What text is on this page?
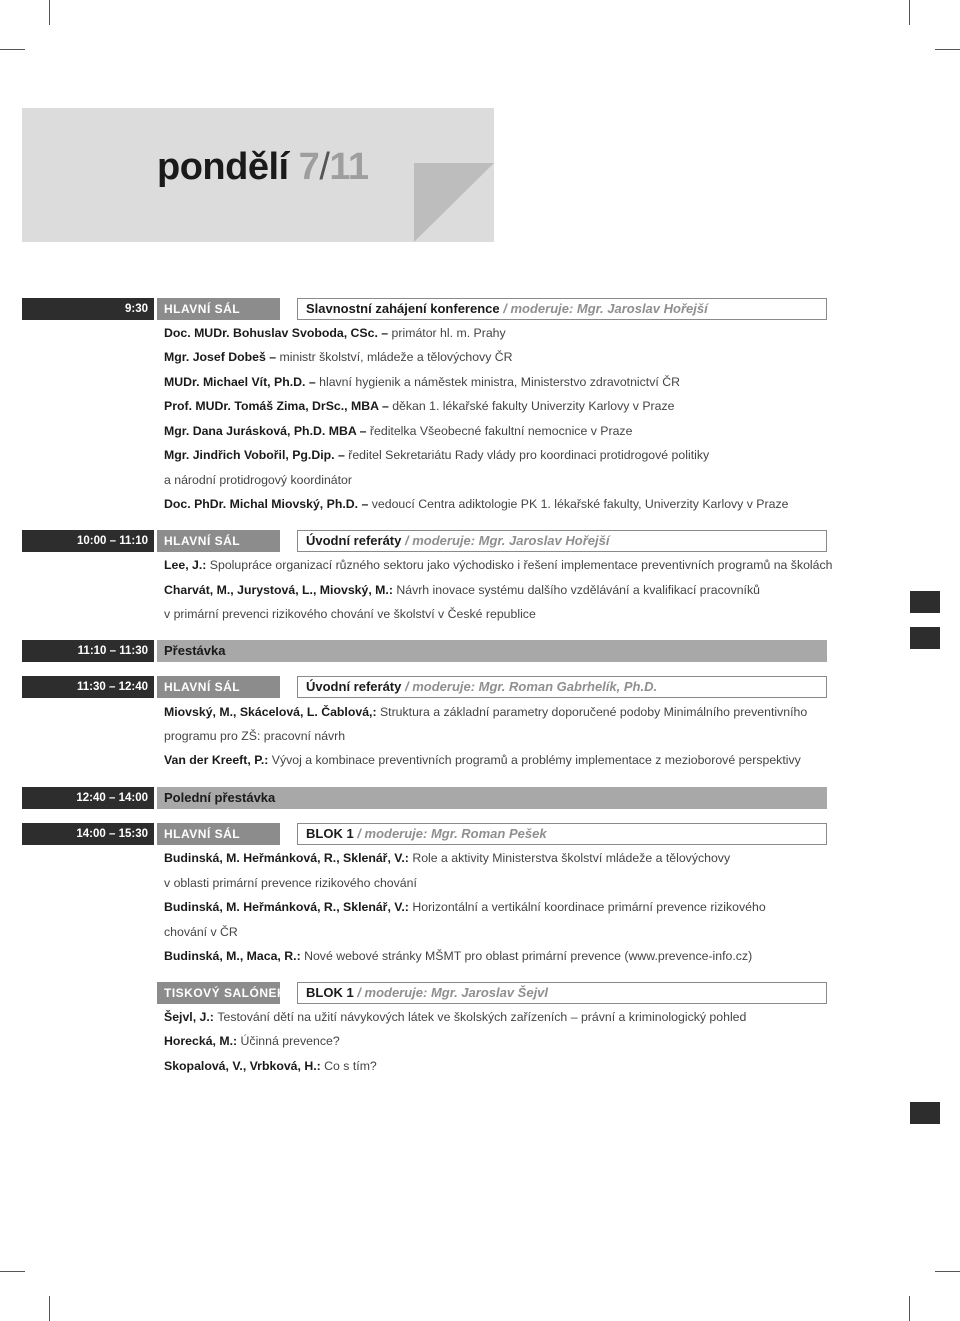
pondělí 7/11
9:30	HLAVNÍ SÁL	Slavnostní zahájení konference / moderuje: Mgr. Jaroslav Hořejší
Doc. MUDr. Bohuslav Svoboda, CSc. – primátor hl. m. Prahy
Mgr. Josef Dobeš – ministr školství, mládeže a tělovýchovy ČR
MUDr. Michael Vít, Ph.D. – hlavní hygienik a náměstek ministra, Ministerstvo zdravotnictví ČR
Prof. MUDr. Tomáš Zima, DrSc., MBA – děkan 1. lékařské fakulty Univerzity Karlovy v Praze
Mgr. Dana Jurásková, Ph.D. MBA – ředitelka Všeobecné fakultní nemocnice v Praze
Mgr. Jindřich Vobořil, Pg.Dip. – ředitel Sekretariátu Rady vlády pro koordinaci protidrogové politiky
a národní protidrogový koordinátor
Doc. PhDr. Michal Miovský, Ph.D. – vedoucí Centra adiktologie PK 1. lékařské fakulty, Univerzity Karlovy v Praze
10:00 – 11:10	HLAVNÍ SÁL	Úvodní referáty / moderuje: Mgr. Jaroslav Hořejší
Lee, J.: Spolupráce organizací různého sektoru jako východisko i řešení implementace preventivních programů na školách
Charvát, M., Jurystová, L., Miovský, M.: Návrh inovace systému dalšího vzdělávání a kvalifikací pracovníků
v primární prevenci rizikového chování ve školství v České republice
11:10 – 11:30	Přestávka
11:30 – 12:40	HLAVNÍ SÁL	Úvodní referáty / moderuje: Mgr. Roman Gabrhelík, Ph.D.
Miovský, M., Skácelová, L. Čablová,: Struktura a základní parametry doporučené podoby Minimálního preventivního
programu pro ZŠ: pracovní návrh
Van der Kreeft, P.: Vývoj a kombinace preventivních programů a problémy implementace z mezioborové perspektivy
12:40 – 14:00	Polední přestávka
14:00 – 15:30	HLAVNÍ SÁL	BLOK 1 / moderuje: Mgr. Roman Pešek
Budinská, M. Heřmánková, R., Sklenář, V.: Role a aktivity Ministerstva školství mládeže a tělovýchovy
v oblasti primární prevence rizikového chování
Budinská, M. Heřmánková, R., Sklenář, V.: Horizontální a vertikální koordinace primární prevence rizikového
chování v ČR
Budinská, M., Maca, R.: Nové webové stránky MŠMT pro oblast primární prevence (www.prevence-info.cz)
TISKOVÝ SALÓNEK	BLOK 1 / moderuje: Mgr. Jaroslav Šejvl
Šejvl, J.: Testování dětí na užití návykových látek ve školských zařízeních – právní a kriminologický pohled
Horecká, M.: Účinná prevence?
Skopalová, V., Vrbková, H.: Co s tím?
